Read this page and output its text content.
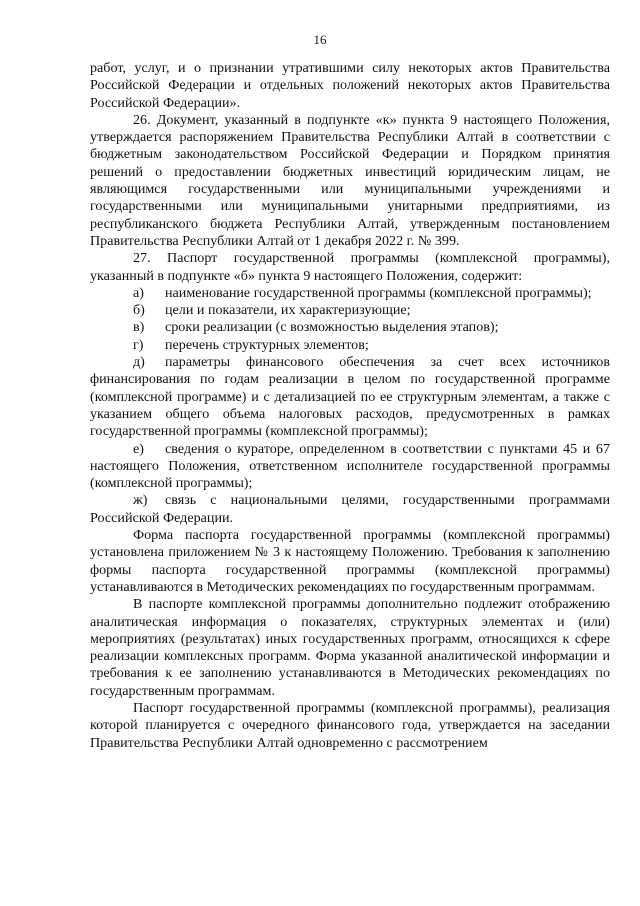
16

работ, услуг, и о признании утратившими силу некоторых актов Правительства Российской Федерации и отдельных положений некоторых актов Правительства Российской Федерации».

26. Документ, указанный в подпункте «к» пункта 9 настоящего Положения, утверждается распоряжением Правительства Республики Алтай в соответствии с бюджетным законодательством Российской Федерации и Порядком принятия решений о предоставлении бюджетных инвестиций юридическим лицам, не являющимся государственными или муниципальными учреждениями и государственными или муниципальными унитарными предприятиями, из республиканского бюджета Республики Алтай, утвержденным постановлением Правительства Республики Алтай от 1 декабря 2022 г. № 399.

27. Паспорт государственной программы (комплексной программы), указанный в подпункте «б» пункта 9 настоящего Положения, содержит:

а) наименование государственной программы (комплексной программы);

б) цели и показатели, их характеризующие;

в) сроки реализации (с возможностью выделения этапов);

г) перечень структурных элементов;

д) параметры финансового обеспечения за счет всех источников финансирования по годам реализации в целом по государственной программе (комплексной программе) и с детализацией по ее структурным элементам, а также с указанием общего объема налоговых расходов, предусмотренных в рамках государственной программы (комплексной программы);

е) сведения о кураторе, определенном в соответствии с пунктами 45 и 67 настоящего Положения, ответственном исполнителе государственной программы (комплексной программы);

ж) связь с национальными целями, государственными программами Российской Федерации.

Форма паспорта государственной программы (комплексной программы) установлена приложением № 3 к настоящему Положению. Требования к заполнению формы паспорта государственной программы (комплексной программы) устанавливаются в Методических рекомендациях по государственным программам.

В паспорте комплексной программы дополнительно подлежит отображению аналитическая информация о показателях, структурных элементах и (или) мероприятиях (результатах) иных государственных программ, относящихся к сфере реализации комплексных программ. Форма указанной аналитической информации и требования к ее заполнению устанавливаются в Методических рекомендациях по государственным программам.

Паспорт государственной программы (комплексной программы), реализация которой планируется с очередного финансового года, утверждается на заседании Правительства Республики Алтай одновременно с рассмотрением
